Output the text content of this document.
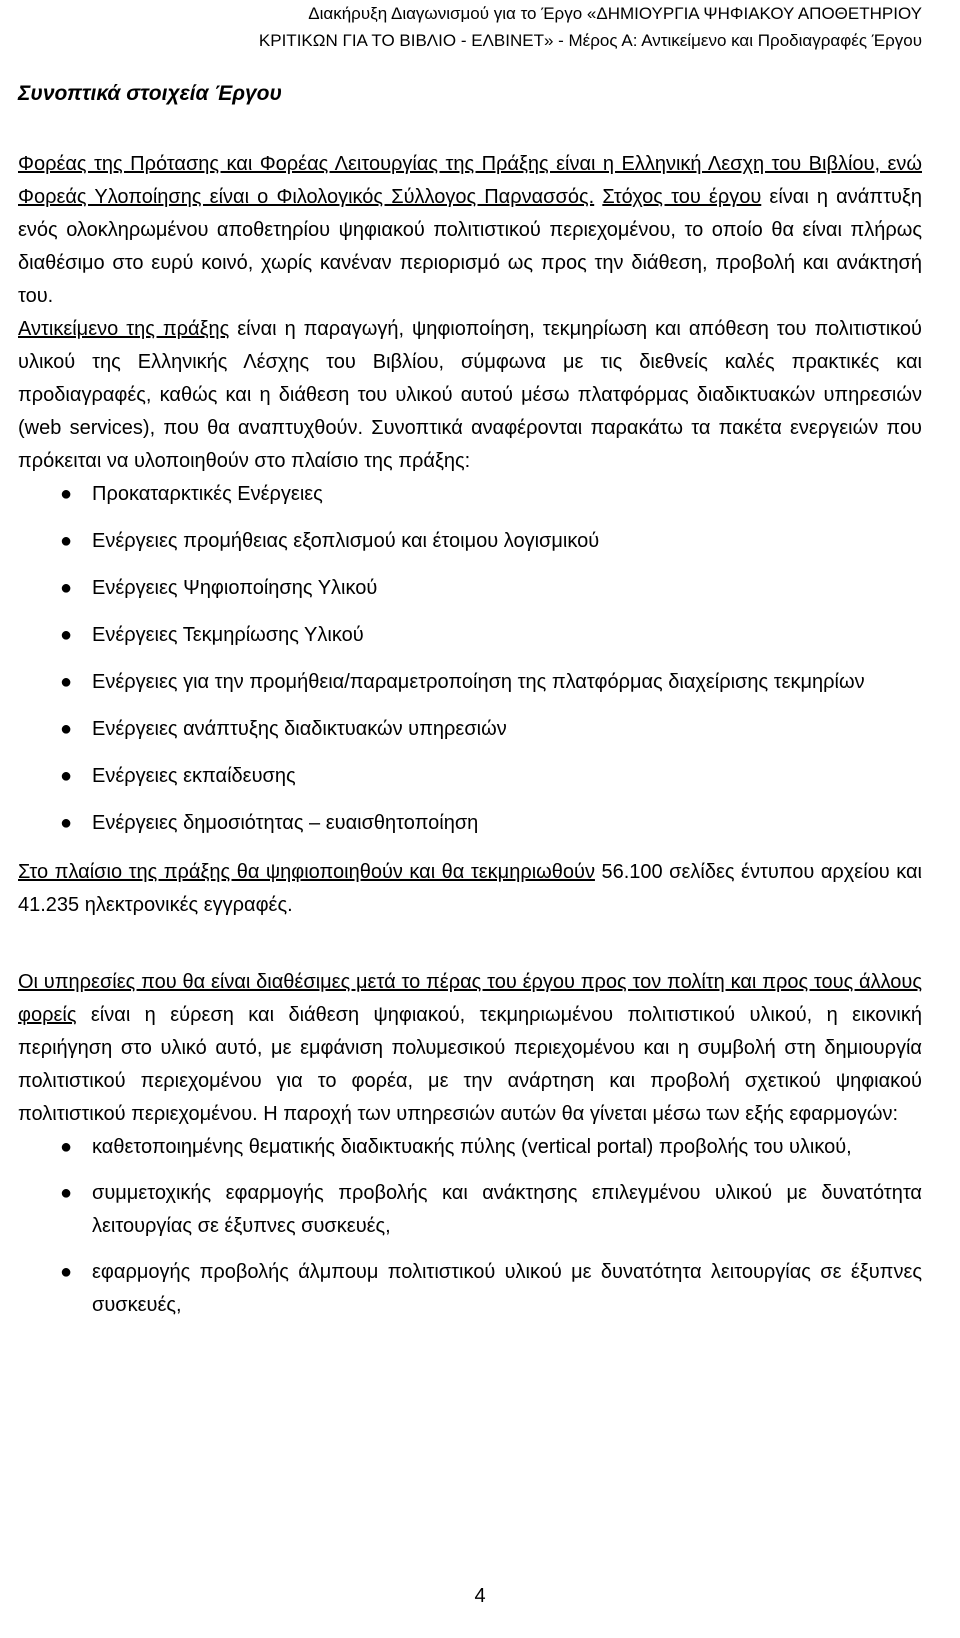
Διακήρυξη Διαγωνισμού για το Έργο «ΔΗΜΙΟΥΡΓΙΑ ΨΗΦΙΑΚΟΥ ΑΠΟΘΕΤΗΡΙΟΥ
ΚΡΙΤΙΚΩΝ ΓΙΑ ΤΟ ΒΙΒΛΙΟ - ΕΛΒΙΝΕΤ» - Μέρος Α: Αντικείμενο και Προδιαγραφές Έργου
Συνοπτικά στοιχεία Έργου

Φορέας της Πρότασης και Φορέας Λειτουργίας της Πράξης είναι η Ελληνική Λεσχη του Βιβλίου, ενώ Φορεάς Υλοποίησης είναι ο Φιλολογικός Σύλλογος Παρνασσός. Στόχος του έργου είναι η ανάπτυξη ενός ολοκληρωμένου αποθετηρίου ψηφιακού πολιτιστικού περιεχομένου, το οποίο θα είναι πλήρως διαθέσιμο στο ευρύ κοινό, χωρίς κανέναν περιορισμό ως προς την διάθεση, προβολή και ανάκτησή του.

Αντικείμενο της πράξης είναι η παραγωγή, ψηφιοποίηση, τεκμηρίωση και απόθεση του πολιτιστικού υλικού της Ελληνικής Λέσχης του Βιβλίου, σύμφωνα με τις διεθνείς καλές πρακτικές και προδιαγραφές, καθώς και η διάθεση του υλικού αυτού μέσω πλατφόρμας διαδικτυακών υπηρεσιών (web services), που θα αναπτυχθούν. Συνοπτικά αναφέρονται παρακάτω τα πακέτα ενεργειών που πρόκειται να υλοποιηθούν στο πλαίσιο της πράξης:

● Προκαταρκτικές Ενέργειες
● Ενέργειες προμήθειας εξοπλισμού και έτοιμου λογισμικού
● Ενέργειες Ψηφιοποίησης Υλικού
● Ενέργειες Τεκμηρίωσης Υλικού
● Ενέργειες για την προμήθεια/παραμετροποίηση της πλατφόρμας διαχείρισης τεκμηρίων
● Ενέργειες ανάπτυξης διαδικτυακών υπηρεσιών
● Ενέργειες εκπαίδευσης
● Ενέργειες δημοσιότητας – ευαισθητοποίηση

Στο πλαίσιο της πράξης θα ψηφιοποιηθούν και θα τεκμηριωθούν 56.100 σελίδες έντυπου αρχείου και 41.235 ηλεκτρονικές εγγραφές.

Οι υπηρεσίες που θα είναι διαθέσιμες μετά το πέρας του έργου προς τον πολίτη και προς τους άλλους φορείς είναι η εύρεση και διάθεση ψηφιακού, τεκμηριωμένου πολιτιστικού υλικού, η εικονική περιήγηση στο υλικό αυτό, με εμφάνιση πολυμεσικού περιεχομένου και η συμβολή στη δημιουργία πολιτιστικού περιεχομένου για το φορέα, με την ανάρτηση και προβολή σχετικού ψηφιακού πολιτιστικού περιεχομένου. Η παροχή των υπηρεσιών αυτών θα γίνεται μέσω των εξής εφαρμογών:

● καθετοποιημένης θεματικής διαδικτυακής πύλης (vertical portal) προβολής του υλικού,
● συμμετοχικής εφαρμογής προβολής και ανάκτησης επιλεγμένου υλικού με δυνατότητα λειτουργίας σε έξυπνες συσκευές,
● εφαρμογής προβολής άλμπουμ πολιτιστικού υλικού με δυνατότητα λειτουργίας σε έξυπνες συσκευές,
4
